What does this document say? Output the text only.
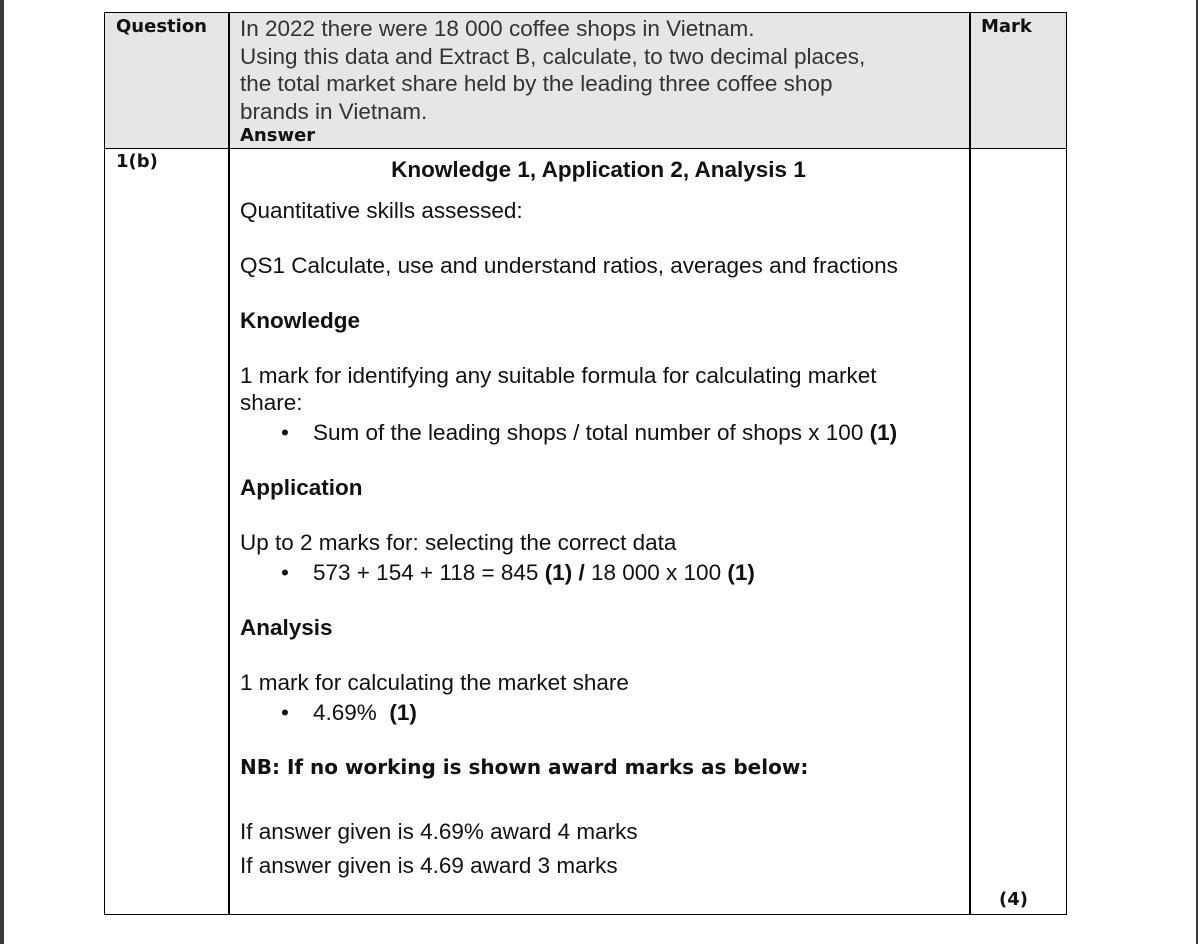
Question	Mark
In 2022 there were 18 000 coffee shops in Vietnam.
Using this data and Extract B, calculate, to two decimal places,
the total market share held by the leading three coffee shop
brands in Vietnam.
Answer
1(b)	Knowledge 1, Application 2, Analysis 1
Quantitative skills assessed:
QS1 Calculate, use and understand ratios, averages and fractions
Knowledge
1 mark for identifying any suitable formula for calculating market
share:
• Sum of the leading shops / total number of shops x 100 (1)
Application
Up to 2 marks for: selecting the correct data
• 573 + 154 + 118 = 845 (1) / 18 000 x 100 (1)
Analysis
1 mark for calculating the market share
• 4.69% (1)
NB: If no working is shown award marks as below:
If answer given is 4.69% award 4 marks
If answer given is 4.69 award 3 marks
(4)
